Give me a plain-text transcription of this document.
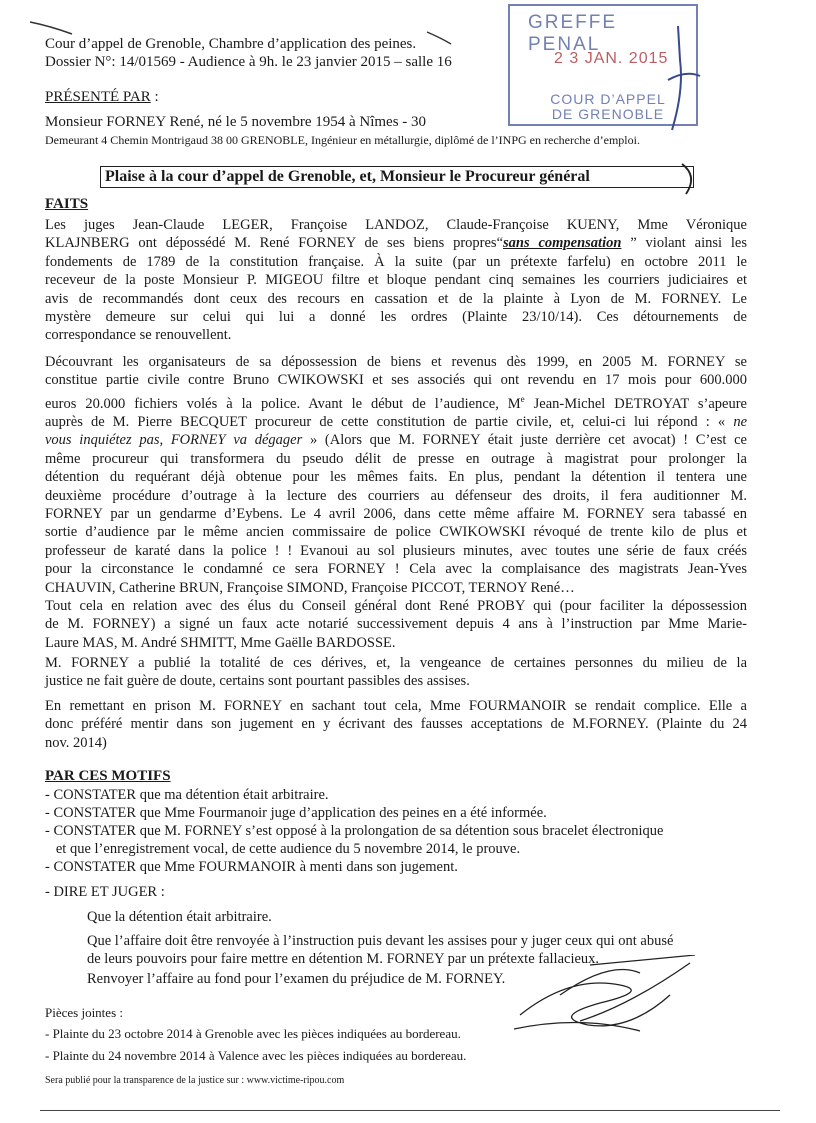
Cour d’appel de Grenoble, Chambre d’application des peines.
Dossier N°: 14/01569 - Audience à 9h. le 23 janvier 2015 – salle 16
GREFFE PENAL
2 3 JAN. 2015
COUR D’APPEL
DE GRENOBLE
PRÉSENTÉ PAR :
Monsieur FORNEY René, né le 5 novembre 1954 à Nîmes - 30
Demeurant 4 Chemin Montrigaud 38 00 GRENOBLE, Ingénieur en métallurgie, diplômé de l’INPG en recherche d’emploi.
Plaise à la cour d’appel de Grenoble, et, Monsieur le Procureur général
FAITS
Les juges Jean-Claude LEGER, Françoise LANDOZ, Claude-Françoise KUENY, Mme Véronique
KLAJNBERG ont dépossédé M. René FORNEY de ses biens propres“sans compensation ” violant ainsi les
fondements de 1789 de la constitution française. À la suite (par un prétexte farfelu) en octobre 2011 le
receveur de la poste Monsieur P. MIGEOU filtre et bloque pendant cinq semaines les courriers judiciaires et
avis de recommandés dont ceux des recours en cassation et de la plainte à Lyon de M. FORNEY. Le
mystère demeure sur celui qui lui a donné les ordres (Plainte 23/10/14). Ces détournements de
correspondance se renouvellent.
Découvrant les organisateurs de sa dépossession de biens et revenus dès 1999, en 2005 M. FORNEY se
constitue partie civile contre Bruno CWIKOWSKI et ses associés qui ont revendu en 17 mois pour 600.000
euros 20.000 fichiers volés à la police. Avant le début de l’audience, Me Jean-Michel DETROYAT s’apeure
auprès de M. Pierre BECQUET procureur de cette constitution de partie civile, et, celui-ci lui répond : « ne
vous inquiétez pas, FORNEY va dégager » (Alors que M. FORNEY était juste derrière cet avocat) ! C’est ce
même procureur qui transformera du pseudo délit de presse en outrage à magistrat pour prolonger la
détention du requérant déjà obtenue pour les mêmes faits. En plus, pendant la détention il tentera une
deuxième procédure d’outrage à la lecture des courriers au défenseur des droits, il fera auditionner M.
FORNEY par un gendarme d’Eybens. Le 4 avril 2006, dans cette même affaire M. FORNEY sera tabassé en
sortie d’audience par le même ancien commissaire de police CWIKOWSKI révoqué de trente kilo de plus et
professeur de karaté dans la police ! ! Evanoui au sol plusieurs minutes, avec toutes une série de faux créés
pour la circonstance le condamné ce sera FORNEY ! Cela avec la complaisance des magistrats Jean-Yves
CHAUVIN, Catherine BRUN, Françoise SIMOND, Françoise PICCOT, TERNOY René…
Tout cela en relation avec des élus du Conseil général dont René PROBY qui (pour faciliter la dépossession
de M. FORNEY) a signé un faux acte notarié successivement depuis 4 ans à l’instruction par Mme Marie-
Laure MAS, M. André SHMITT, Mme Gaëlle BARDOSSE.
M. FORNEY a publié la totalité de ces dérives, et, la vengeance de certaines personnes du milieu de la
justice ne fait guère de doute, certains sont pourtant passibles des assises.
En remettant en prison M. FORNEY en sachant tout cela, Mme FOURMANOIR se rendait complice. Elle a
donc préféré mentir dans son jugement en y écrivant des fausses acceptations de M.FORNEY. (Plainte du 24
nov. 2014)
PAR CES MOTIFS
- CONSTATER que ma détention était arbitraire.
- CONSTATER que Mme Fourmanoir juge d’application des peines en a été informée.
- CONSTATER que M. FORNEY s’est opposé à la prolongation de sa détention sous bracelet électronique
et que l’enregistrement vocal, de cette audience du 5 novembre 2014, le prouve.
- CONSTATER que Mme FOURMANOIR à menti dans son jugement.
- DIRE ET JUGER :
Que la détention était arbitraire.
Que l’affaire doit être renvoyée à l’instruction puis devant les assises pour y juger ceux qui ont abusé
de leurs pouvoirs pour faire mettre en détention M. FORNEY par un prétexte fallacieux.
Renvoyer l’affaire au fond pour l’examen du préjudice de M. FORNEY.
Pièces jointes :
- Plainte du 23 octobre 2014 à Grenoble avec les pièces indiquées au bordereau.
- Plainte du 24 novembre 2014 à Valence avec les pièces indiquées au bordereau.
Sera publié pour la transparence de la justice sur : www.victime-ripou.com
